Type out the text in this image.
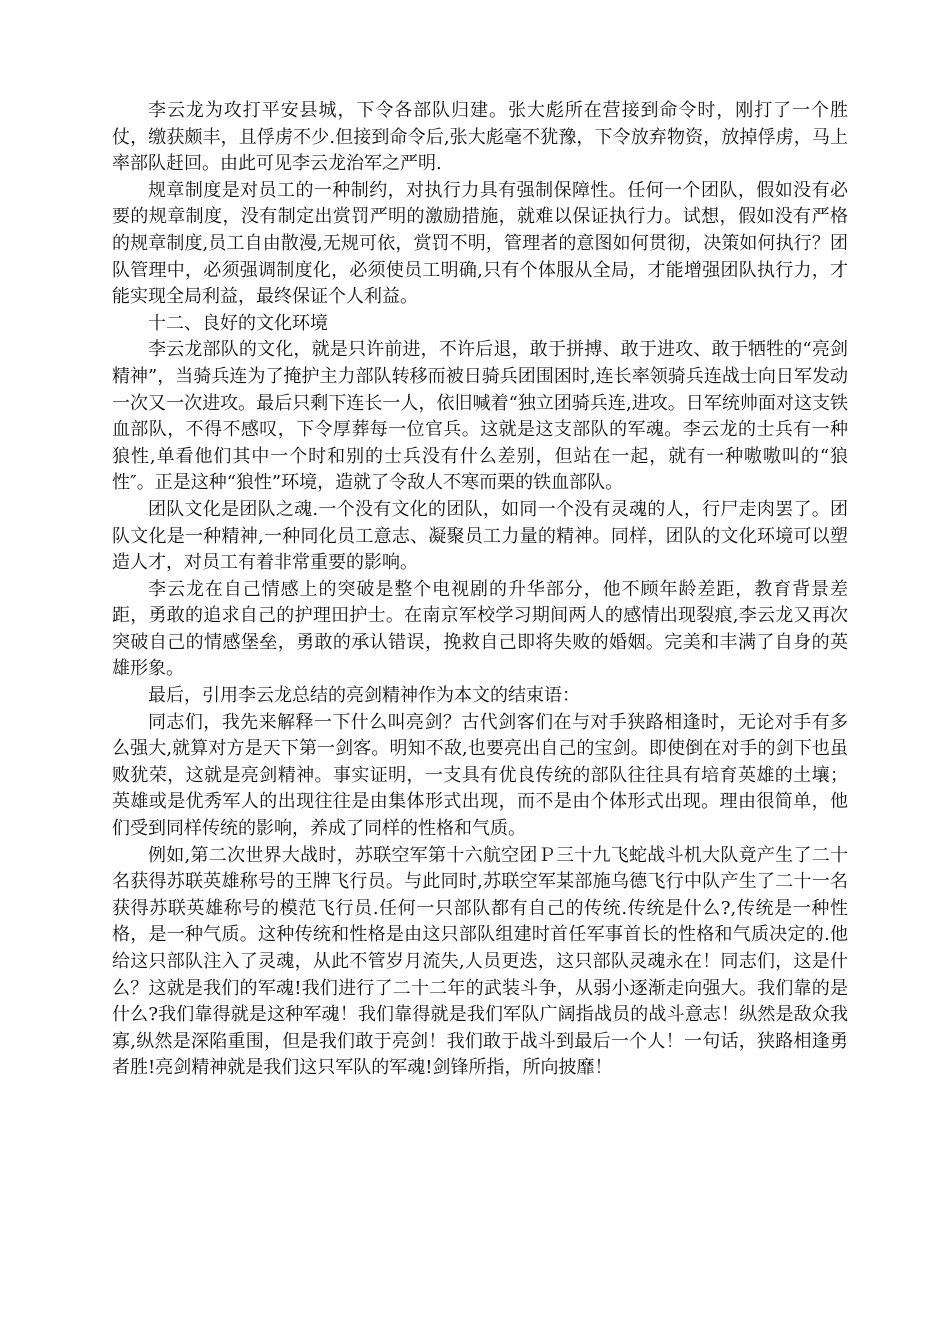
李云龙为攻打平安县城，下令各部队归建。张大彪所在营接到命令时，刚打了一个胜仗，缴获颇丰，且俘虏不少.但接到命令后,张大彪毫不犹豫，下令放弃物资，放掉俘虏，马上率部队赶回。由此可见李云龙治军之严明.

规章制度是对员工的一种制约，对执行力具有强制保障性。任何一个团队，假如没有必要的规章制度，没有制定出赏罚严明的激励措施，就难以保证执行力。试想，假如没有严格的规章制度,员工自由散漫,无规可依，赏罚不明，管理者的意图如何贯彻，决策如何执行？团队管理中，必须强调制度化，必须使员工明确,只有个体服从全局，才能增强团队执行力，才能实现全局利益，最终保证个人利益。

十二、良好的文化环境

李云龙部队的文化，就是只许前进，不许后退，敢于拼搏、敢于进攻、敢于牺牲的“亮剑精神”，当骑兵连为了掩护主力部队转移而被日骑兵团围困时,连长率领骑兵连战士向日军发动一次又一次进攻。最后只剩下连长一人，依旧喊着“独立团骑兵连,进攻。日军统帅面对这支铁血部队，不得不感叹，下令厚葬每一位官兵。这就是这支部队的军魂。李云龙的士兵有一种狼性,单看他们其中一个时和别的士兵没有什么差别，但站在一起，就有一种嗷嗷叫的“狼性″。正是这种“狼性”环境，造就了令敌人不寒而栗的铁血部队。

团队文化是团队之魂.一个没有文化的团队，如同一个没有灵魂的人，行尸走肉罢了。团队文化是一种精神,一种同化员工意志、凝聚员工力量的精神。同样，团队的文化环境可以塑造人才，对员工有着非常重要的影响。

李云龙在自己情感上的突破是整个电视剧的升华部分，他不顾年龄差距，教育背景差距，勇敢的追求自己的护理田护士。在南京军校学习期间两人的感情出现裂痕,李云龙又再次突破自己的情感堡垒，勇敢的承认错误，挽救自己即将失败的婚姻。完美和丰满了自身的英雄形象。

最后，引用李云龙总结的亮剑精神作为本文的结束语：

同志们，我先来解释一下什么叫亮剑？古代剑客们在与对手狭路相逢时，无论对手有多么强大,就算对方是天下第一剑客。明知不敌,也要亮出自己的宝剑。即使倒在对手的剑下也虽败犹荣，这就是亮剑精神。事实证明，一支具有优良传统的部队往往具有培育英雄的土壤；英雄或是优秀军人的出现往往是由集体形式出现，而不是由个体形式出现。理由很简单，他们受到同样传统的影响，养成了同样的性格和气质。

例如,第二次世界大战时，苏联空军第十六航空团Ｐ三十九飞蛇战斗机大队竟产生了二十名获得苏联英雄称号的王牌飞行员。与此同时,苏联空军某部施乌德飞行中队产生了二十一名获得苏联英雄称号的模范飞行员.任何一只部队都有自己的传统.传统是什么?,传统是一种性格，是一种气质。这种传统和性格是由这只部队组建时首任军事首长的性格和气质决定的.他给这只部队注入了灵魂，从此不管岁月流失,人员更迭，这只部队灵魂永在！同志们，这是什么？这就是我们的军魂!我们进行了二十二年的武装斗争，从弱小逐渐走向强大。我们靠的是什么?我们靠得就是这种军魂！我们靠得就是我们军队广阔指战员的战斗意志！纵然是敌众我寡,纵然是深陷重围，但是我们敢于亮剑！我们敢于战斗到最后一个人！一句话，狭路相逢勇者胜!亮剑精神就是我们这只军队的军魂!剑锋所指，所向披靡！
